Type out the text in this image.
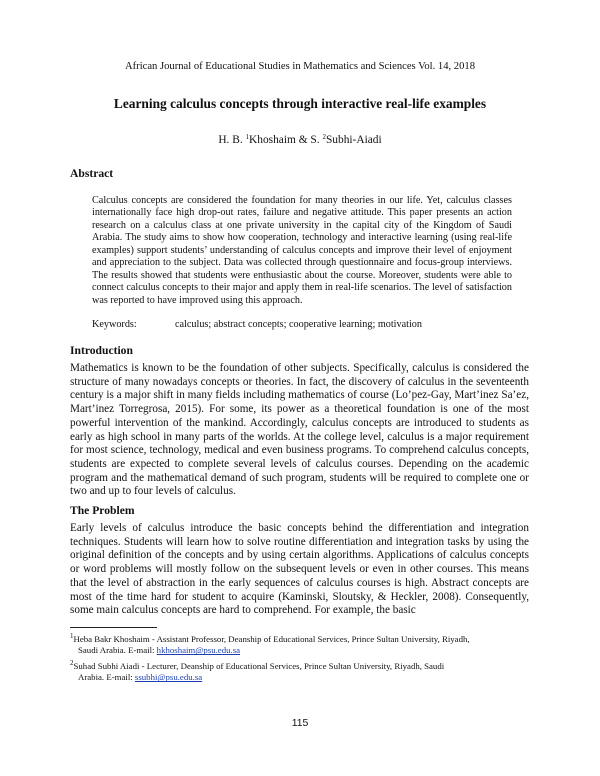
African Journal of Educational Studies in Mathematics and Sciences Vol. 14, 2018
Learning calculus concepts through interactive real-life examples
H. B. $^1$Khoshaim & S. $^2$Subhi-Aiadi
Abstract
Calculus concepts are considered the foundation for many theories in our life. Yet, calculus classes internationally face high drop-out rates, failure and negative attitude. This paper presents an action research on a calculus class at one private university in the capital city of the Kingdom of Saudi Arabia. The study aims to show how cooperation, technology and interactive learning (using real-life examples) support students’ understanding of calculus concepts and improve their level of enjoyment and appreciation to the subject. Data was collected through questionnaire and focus-group interviews. The results showed that students were enthusiastic about the course. Moreover, students were able to connect calculus concepts to their major and apply them in real-life scenarios. The level of satisfaction was reported to have improved using this approach.
Keywords:	calculus; abstract concepts; cooperative learning; motivation
Introduction
Mathematics is known to be the foundation of other subjects. Specifically, calculus is considered the structure of many nowadays concepts or theories. In fact, the discovery of calculus in the seventeenth century is a major shift in many fields including mathematics of course (Lo’pez-Gay, Mart’inez Sa’ez, Mart’inez Torregrosa, 2015). For some, its power as a theoretical foundation is one of the most powerful intervention of the mankind. Accordingly, calculus concepts are introduced to students as early as high school in many parts of the worlds. At the college level, calculus is a major requirement for most science, technology, medical and even business programs. To comprehend calculus concepts, students are expected to complete several levels of calculus courses. Depending on the academic program and the mathematical demand of such program, students will be required to complete one or two and up to four levels of calculus.
The Problem
Early levels of calculus introduce the basic concepts behind the differentiation and integration techniques. Students will learn how to solve routine differentiation and integration tasks by using the original definition of the concepts and by using certain algorithms. Applications of calculus concepts or word problems will mostly follow on the subsequent levels or even in other courses. This means that the level of abstraction in the early sequences of calculus courses is high. Abstract concepts are most of the time hard for student to acquire (Kaminski, Sloutsky, & Heckler, 2008). Consequently, some main calculus concepts are hard to comprehend. For example, the basic
$^1$Heba Bakr Khoshaim - Assistant Professor, Deanship of Educational Services, Prince Sultan University, Riyadh,
Saudi Arabia. E-mail: hkhoshaim@psu.edu.sa
$^2$Suhad Subhi Aiadi - Lecturer, Deanship of Educational Services, Prince Sultan University, Riyadh, Saudi
Arabia. E-mail: ssubhi@psu.edu.sa
115
